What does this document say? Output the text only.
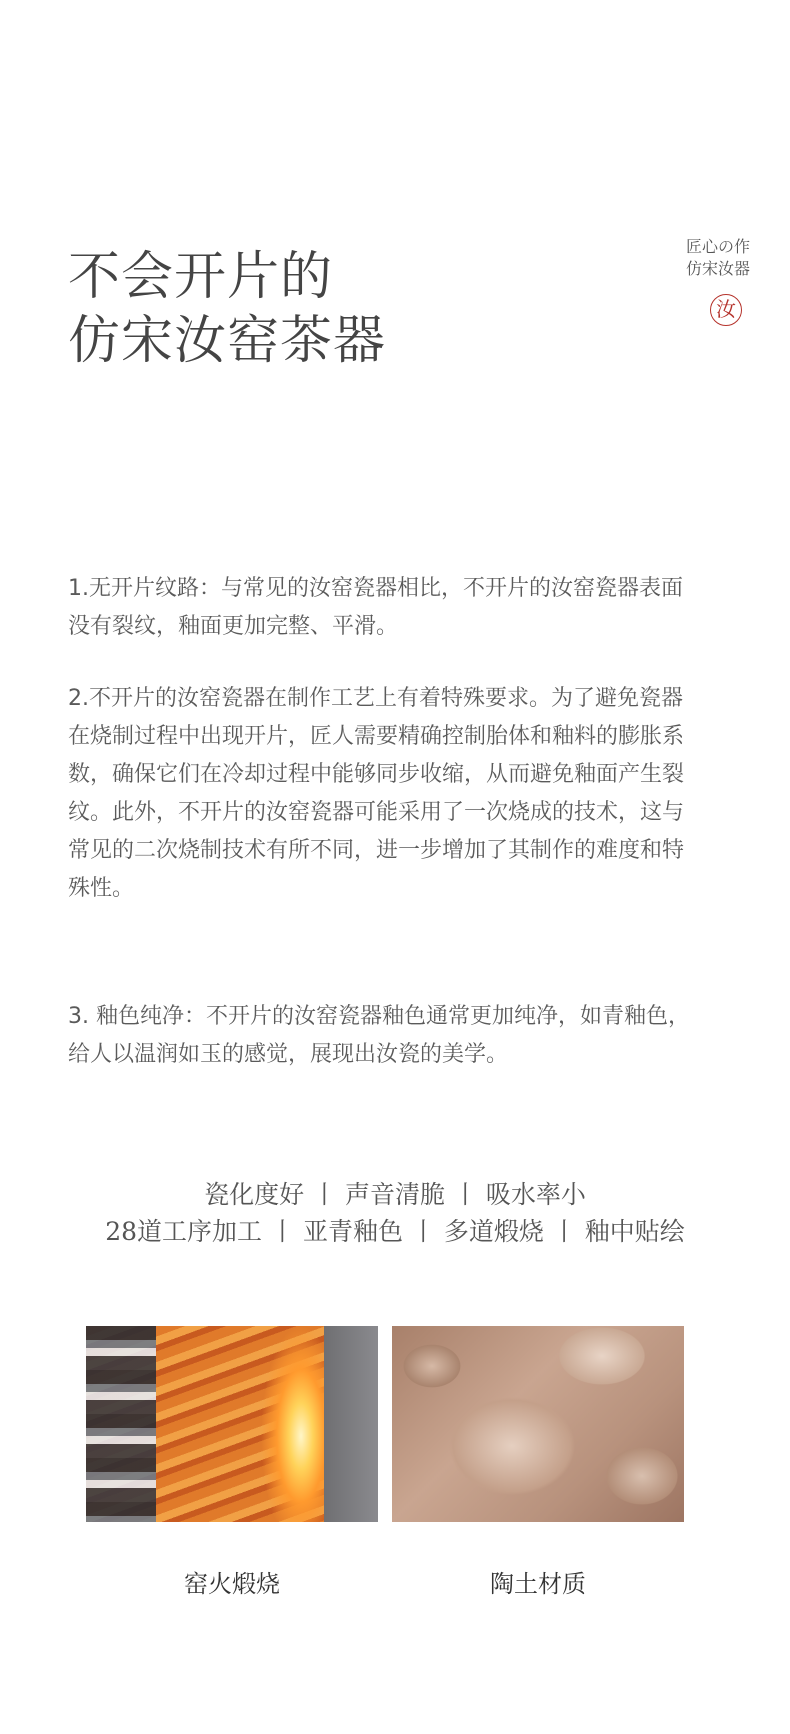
不会开片的
仿宋汝窑茶器
匠心の作
仿宋汝器
汝
1.无开片纹路：与常见的汝窑瓷器相比，不开片的汝窑瓷器表面没有裂纹，釉面更加完整、平滑。
2.不开片的汝窑瓷器在制作工艺上有着特殊要求。为了避免瓷器在烧制过程中出现开片，匠人需要精确控制胎体和釉料的膨胀系数，确保它们在冷却过程中能够同步收缩，从而避免釉面产生裂纹。此外，不开片的汝窑瓷器可能采用了一次烧成的技术，这与常见的二次烧制技术有所不同，进一步增加了其制作的难度和特殊性。
3. 釉色纯净：不开片的汝窑瓷器釉色通常更加纯净，如青釉色，给人以温润如玉的感觉，展现出汝瓷的美学。
瓷化度好 丨 声音清脆 丨 吸水率小
28道工序加工 丨 亚青釉色 丨 多道煅烧 丨 釉中贴绘
窑火煅烧	陶土材质
